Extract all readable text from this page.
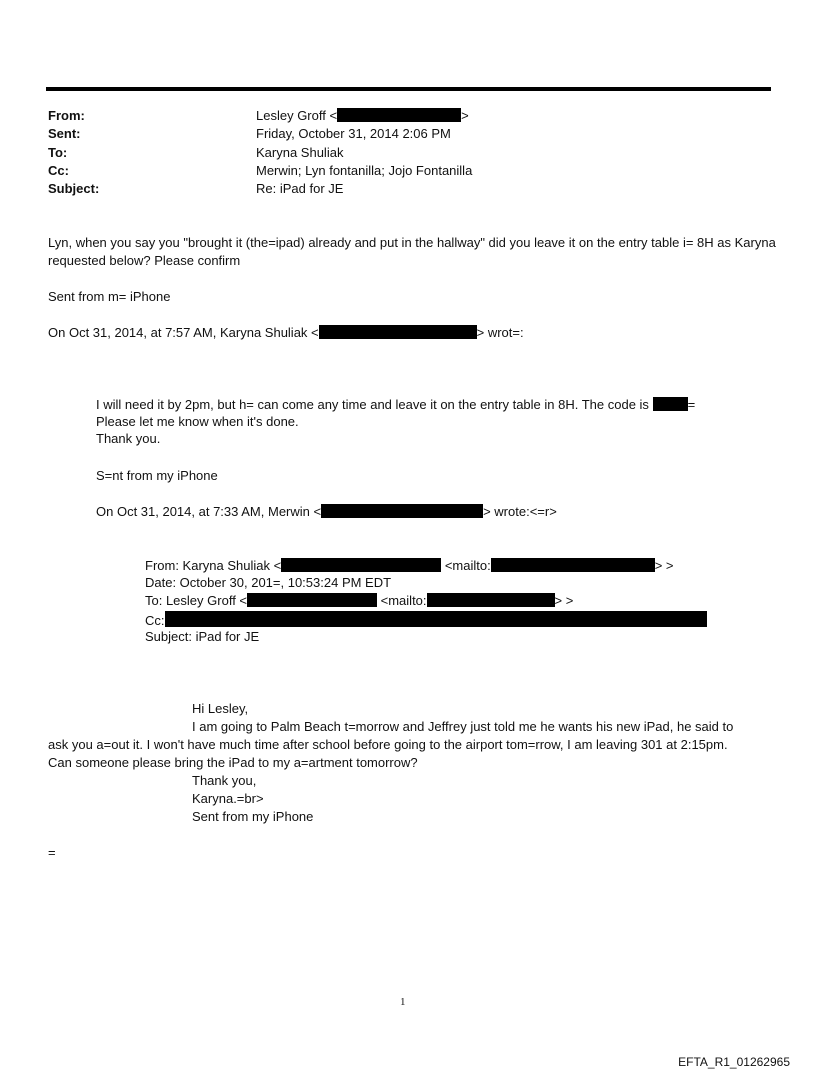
From:	Lesley Groff <	>
Sent:	Friday, October 31, 2014 2:06 PM
To:	Karyna Shuliak
Cc:	Merwin; Lyn fontanilla; Jojo Fontanilla
Subject:	Re: iPad for JE
Lyn, when you say you "brought it (the=ipad) already and put in the hallway" did you leave it on the entry table i= 8H as Karyna requested below? Please confirm
Sent from m= iPhone
On Oct 31, 2014, at 7:57 AM, Karyna Shuliak <	> wrot=:
I will need it by 2pm, but h= can come any time and leave it on the entry table in 8H. The code is	=
Please let me know when it's done.
Thank you.
S=nt from my iPhone
On Oct 31, 2014, at 7:33 AM, Merwin <	> wrote:<=r>
From: Karyna Shuliak <	<mailto:	> >
Date: October 30, 201=, 10:53:24 PM EDT
To: Lesley Groff <	<mailto:	> >
Cc:
Subject: iPad for JE
Hi Lesley,
I am going to Palm Beach t=morrow and Jeffrey just told me he wants his new iPad, he said to
ask you a=out it. I won't have much time after school before going to the airport tom=rrow, I am leaving 301 at 2:15pm.
Can someone please bring the iPad to my a=artment tomorrow?
Thank you,
Karyna.=br>
Sent from my iPhone
=
1
EFTA_R1_01262965
